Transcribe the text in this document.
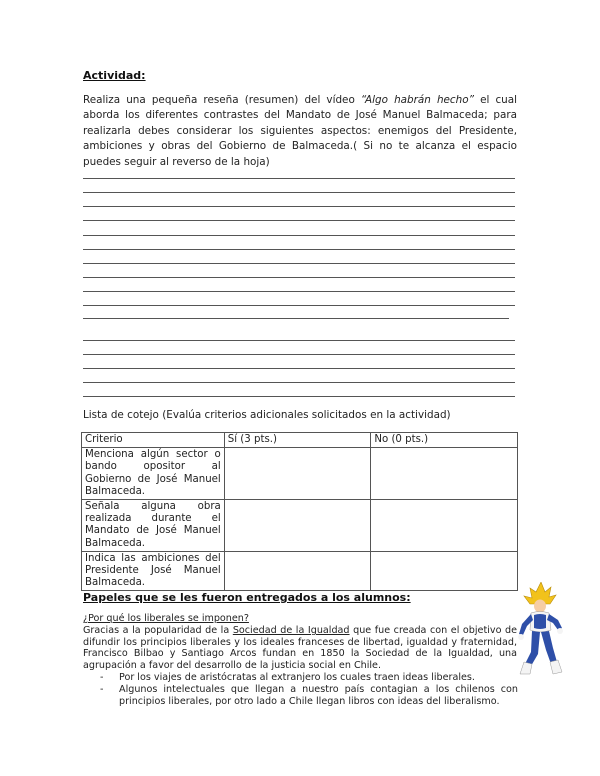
Actividad:
Realiza una pequeña reseña (resumen) del vídeo “Algo habrán hecho” el cual aborda los diferentes contrastes del Mandato de José Manuel Balmaceda; para realizarla debes considerar los siguientes aspectos: enemigos del Presidente, ambiciones y obras del Gobierno de Balmaceda.( Si no te alcanza el espacio puedes seguir al reverso de la hoja)
Lista de cotejo (Evalúa criterios adicionales solicitados en la actividad)
Criterio	Sí (3 pts.)	No (0 pts.)
Menciona algún sector o bando opositor al Gobierno de José Manuel Balmaceda.		
Señala alguna obra realizada durante el Mandato de José Manuel Balmaceda.		
Indica las ambiciones del Presidente José Manuel Balmaceda.		
Papeles que se les fueron entregados a los alumnos:
¿Por qué los liberales se imponen?
Gracias a la popularidad de la Sociedad de la Igualdad que fue creada con el objetivo de difundir los principios liberales y los ideales franceses de libertad, igualdad y fraternidad, Francisco Bilbao y Santiago Arcos fundan en 1850 la Sociedad de la Igualdad, una agrupación a favor del desarrollo de la justicia social en Chile.
- Por los viajes de aristócratas al extranjero los cuales traen ideas liberales.
- Algunos intelectuales que llegan a nuestro país contagian a los chilenos con principios liberales, por otro lado a Chile llegan libros con ideas del liberalismo.
